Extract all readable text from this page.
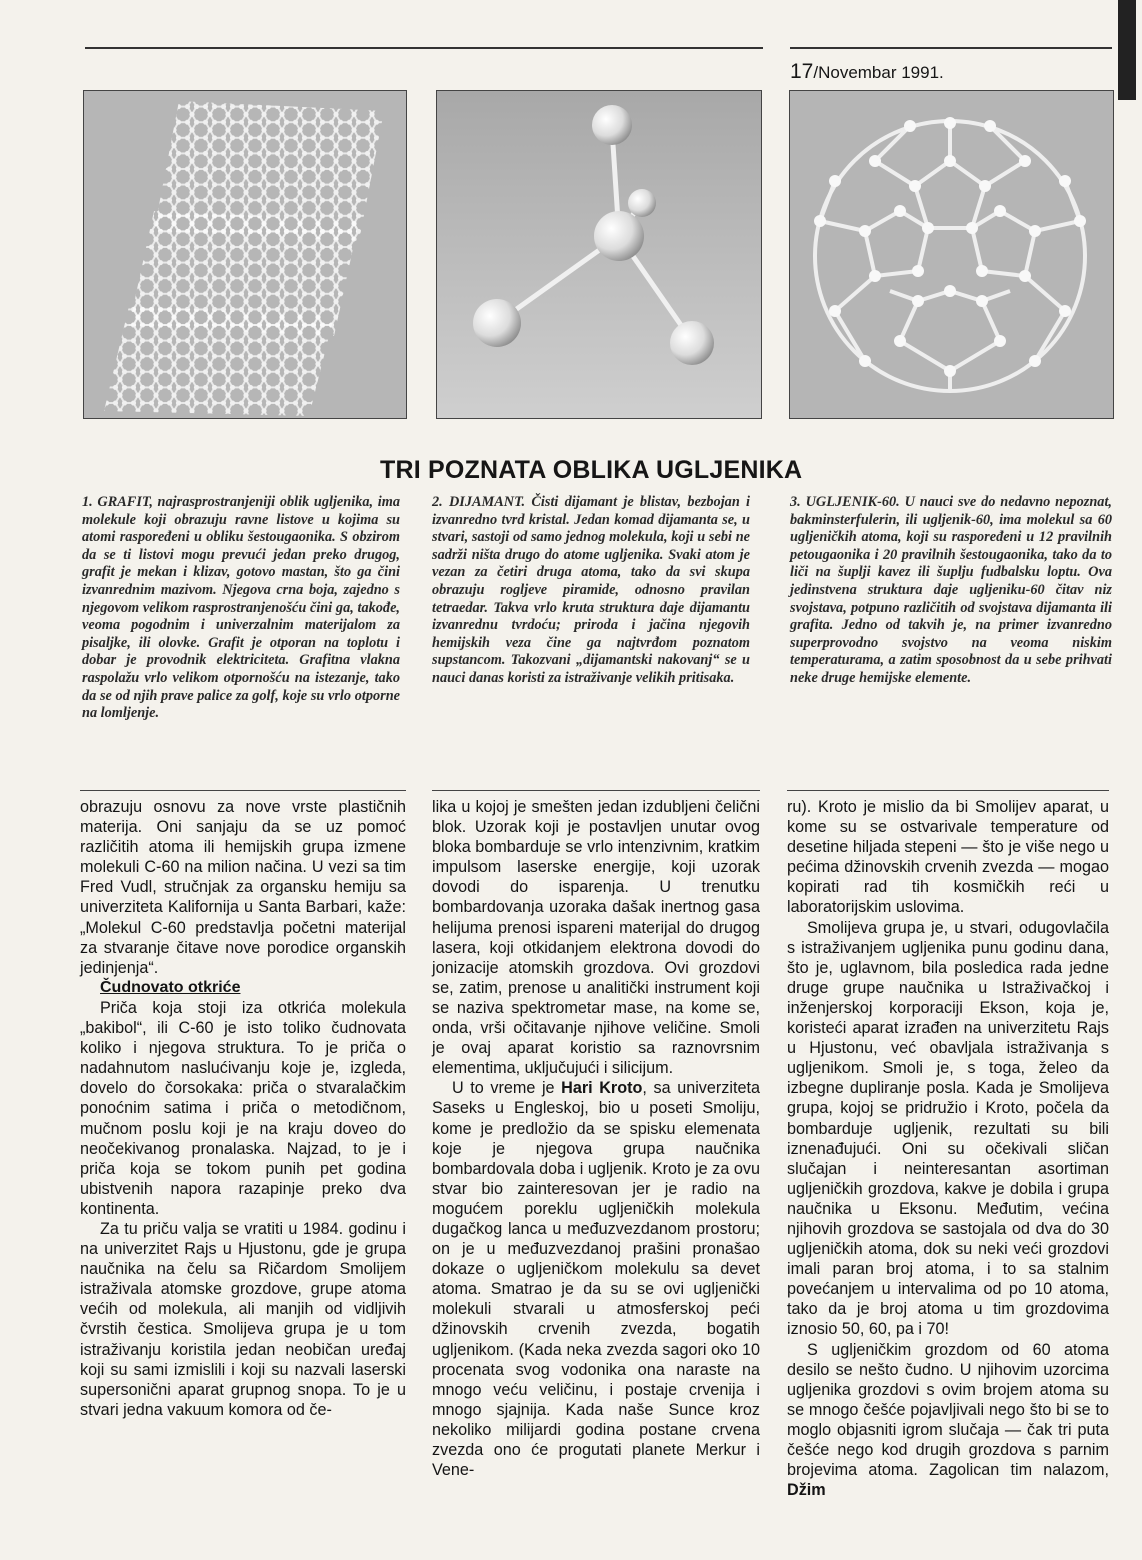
17/Novembar 1991.
TRI POZNATA OBLIKA UGLJENIKA
1. GRAFIT, najrasprostranjeniji oblik ugljenika, ima molekule koji obrazuju ravne listove u kojima su atomi raspoređeni u obliku šestougaonika. S obzirom da se ti listovi mogu prevući jedan preko drugog, grafit je mekan i klizav, gotovo mastan, što ga čini izvanrednim mazivom. Njegova crna boja, zajedno s njegovom velikom rasprostranjenošću čini ga, takođe, veoma pogodnim i univerzalnim materijalom za pisaljke, ili olovke. Grafit je otporan na toplotu i dobar je provodnik elektriciteta. Grafitna vlakna raspolažu vrlo velikom otpornošću na istezanje, tako da se od njih prave palice za golf, koje su vrlo otporne na lomljenje.
2. DIJAMANT. Čisti dijamant je blistav, bezbojan i izvanredno tvrd kristal. Jedan komad dijamanta se, u stvari, sastoji od samo jednog molekula, koji u sebi ne sadrži ništa drugo do atome ugljenika. Svaki atom je vezan za četiri druga atoma, tako da svi skupa obrazuju rogljeve piramide, odnosno pravilan tetraedar. Takva vrlo kruta struktura daje dijamantu izvanrednu tvrdoću; priroda i jačina njegovih hemijskih veza čine ga najtvrđom poznatom supstancom. Takozvani „dijamantski nakovanj“ se u nauci danas koristi za istraživanje velikih pritisaka.
3. UGLJENIK-60. U nauci sve do nedavno nepoznat, bakminsterfulerin, ili ugljenik-60, ima molekul sa 60 ugljeničkih atoma, koji su raspoređeni u 12 pravilnih petougaonika i 20 pravilnih šestougaonika, tako da to liči na šuplji kavez ili šuplju fudbalsku loptu. Ova jedinstvena struktura daje ugljeniku-60 čitav niz svojstava, potpuno različitih od svojstava dijamanta ili grafita. Jedno od takvih je, na primer izvanredno superprovodno svojstvo na veoma niskim temperaturama, a zatim sposobnost da u sebe prihvati neke druge hemijske elemente.

obrazuju osnovu za nove vrste plastičnih materija. Oni sanjaju da se uz pomoć različitih atoma ili hemijskih grupa izmene molekuli C-60 na milion načina. U vezi sa tim Fred Vudl, stručnjak za organsku hemiju sa univerziteta Kalifornija u Santa Barbari, kaže: „Molekul C-60 predstavlja početni materijal za stvaranje čitave nove porodice organskih jedinjenja“.

Čudnovato otkriće

Priča koja stoji iza otkrića molekula „bakibol“, ili C-60 je isto toliko čudnovata koliko i njegova struktura. To je priča o nadahnutom naslućivanju koje je, izgleda, dovelo do čorsokaka: priča o stvaralačkim ponoćnim satima i priča o metodičnom, mučnom poslu koji je na kraju doveo do neočekivanog pronalaska. Najzad, to je i priča koja se tokom punih pet godina ubistvenih napora razapinje preko dva kontinenta.

Za tu priču valja se vratiti u 1984. godinu i na univerzitet Rajs u Hjustonu, gde je grupa naučnika na čelu sa Ričardom Smolijem istraživala atomske grozdove, grupe atoma većih od molekula, ali manjih od vidljivih čvrstih čestica. Smolijeva grupa je u tom istraživanju koristila jedan neobičan uređaj koji su sami izmislili i koji su nazvali laserski supersonični aparat grupnog snopa. To je u stvari jedna vakuum komora od če-

lika u kojoj je smešten jedan izdubljeni čelični blok. Uzorak koji je postavljen unutar ovog bloka bombarduje se vrlo intenzivnim, kratkim impulsom laserske energije, koji uzorak dovodi do isparenja. U trenutku bombardovanja uzoraka dašak inertnog gasa helijuma prenosi ispareni materijal do drugog lasera, koji otkidanjem elektrona dovodi do jonizacije atomskih grozdova. Ovi grozdovi se, zatim, prenose u analitički instrument koji se naziva spektrometar mase, na kome se, onda, vrši očitavanje njihove veličine. Smoli je ovaj aparat koristio sa raznovrsnim elementima, uključujući i silicijum.

U to vreme je Hari Kroto, sa univerziteta Saseks u Engleskoj, bio u poseti Smoliju, kome je predložio da se spisku elemenata koje je njegova grupa naučnika bombardovala doba i ugljenik. Kroto je za ovu stvar bio zainteresovan jer je radio na mogućem poreklu ugljeničkih molekula dugačkog lanca u međuzvezdanom prostoru; on je u međuzvezdanoj prašini pronašao dokaze o ugljeničkom molekulu sa devet atoma. Smatrao je da su se ovi ugljenički molekuli stvarali u atmosferskoj peći džinovskih crvenih zvezda, bogatih ugljenikom. (Kada neka zvezda sagori oko 10 procenata svog vodonika ona naraste na mnogo veću veličinu, i postaje crvenija i mnogo sjajnija. Kada naše Sunce kroz nekoliko milijardi godina postane crvena zvezda ono će progutati planete Merkur i Vene-

ru). Kroto je mislio da bi Smolijev aparat, u kome su se ostvarivale temperature od desetine hiljada stepeni — što je više nego u pećima džinovskih crvenih zvezda — mogao kopirati rad tih kosmičkih reći u laboratorijskim uslovima.

Smolijeva grupa je, u stvari, odugovlačila s istraživanjem ugljenika punu godinu dana, što je, uglavnom, bila posledica rada jedne druge grupe naučnika u Istraživačkoj i inženjerskoj korporaciji Ekson, koja je, koristeći aparat izrađen na univerzitetu Rajs u Hjustonu, već obavljala istraživanja s ugljenikom. Smoli je, s toga, želeo da izbegne dupliranje posla. Kada je Smolijeva grupa, kojoj se pridružio i Kroto, počela da bombarduje ugljenik, rezultati su bili iznenađujući. Oni su očekivali sličan slučajan i neinteresantan asortiman ugljeničkih grozdova, kakve je dobila i grupa naučnika u Eksonu. Međutim, većina njihovih grozdova se sastojala od dva do 30 ugljeničkih atoma, dok su neki veći grozdovi imali paran broj atoma, i to sa stalnim povećanjem u intervalima od po 10 atoma, tako da je broj atoma u tim grozdovima iznosio 50, 60, pa i 70!

S ugljeničkim grozdom od 60 atoma desilo se nešto čudno. U njihovim uzorcima ugljenika grozdovi s ovim brojem atoma su se mnogo češće pojavljivali nego što bi se to moglo objasniti igrom slučaja — čak tri puta češće nego kod drugih grozdova s parnim brojevima atoma. Zagolican tim nalazom, Džim
